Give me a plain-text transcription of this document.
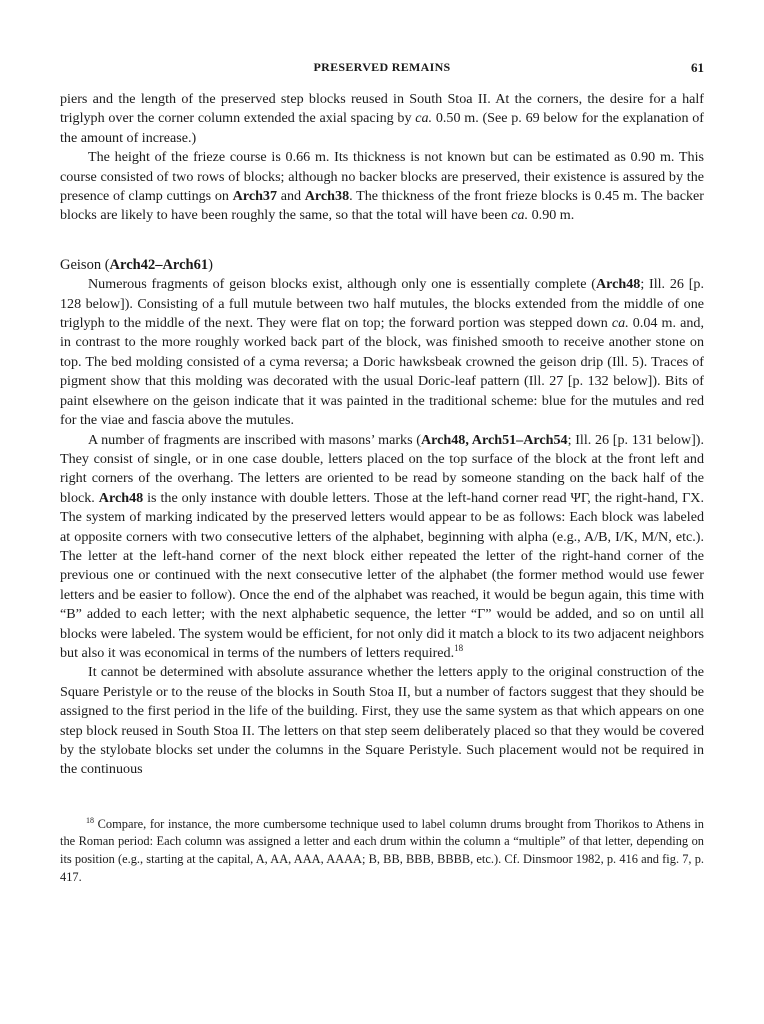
PRESERVED REMAINS	61

piers and the length of the preserved step blocks reused in South Stoa II. At the corners, the desire for a half triglyph over the corner column extended the axial spacing by ca. 0.50 m. (See p. 69 below for the explanation of the amount of increase.)

The height of the frieze course is 0.66 m. Its thickness is not known but can be estimated as 0.90 m. This course consisted of two rows of blocks; although no backer blocks are preserved, their existence is assured by the presence of clamp cuttings on Arch37 and Arch38. The thickness of the front frieze blocks is 0.45 m. The backer blocks are likely to have been roughly the same, so that the total will have been ca. 0.90 m.

Geison (Arch42–Arch61)

Numerous fragments of geison blocks exist, although only one is essentially complete (Arch48; Ill. 26 [p. 128 below]). Consisting of a full mutule between two half mutules, the blocks extended from the middle of one triglyph to the middle of the next. They were flat on top; the forward portion was stepped down ca. 0.04 m. and, in contrast to the more roughly worked back part of the block, was finished smooth to receive another stone on top. The bed molding consisted of a cyma reversa; a Doric hawksbeak crowned the geison drip (Ill. 5). Traces of pigment show that this molding was decorated with the usual Doric-leaf pattern (Ill. 27 [p. 132 below]). Bits of paint elsewhere on the geison indicate that it was painted in the traditional scheme: blue for the mutules and red for the viae and fascia above the mutules.

A number of fragments are inscribed with masons’ marks (Arch48, Arch51–Arch54; Ill. 26 [p. 131 below]). They consist of single, or in one case double, letters placed on the top surface of the block at the front left and right corners of the overhang. The letters are oriented to be read by someone standing on the back half of the block. Arch48 is the only instance with double letters. Those at the left-hand corner read ΨΓ, the right-hand, ΓX. The system of marking indicated by the preserved letters would appear to be as follows: Each block was labeled at opposite corners with two consecutive letters of the alphabet, beginning with alpha (e.g., A/B, I/K, M/N, etc.). The letter at the left-hand corner of the next block either repeated the letter of the right-hand corner of the previous one or continued with the next consecutive letter of the alphabet (the former method would use fewer letters and be easier to follow). Once the end of the alphabet was reached, it would be begun again, this time with “B” added to each letter; with the next alphabetic sequence, the letter “Γ” would be added, and so on until all blocks were labeled. The system would be efficient, for not only did it match a block to its two adjacent neighbors but also it was economical in terms of the numbers of letters required.$^{18}$

It cannot be determined with absolute assurance whether the letters apply to the original construction of the Square Peristyle or to the reuse of the blocks in South Stoa II, but a number of factors suggest that they should be assigned to the first period in the life of the building. First, they use the same system as that which appears on one step block reused in South Stoa II. The letters on that step seem deliberately placed so that they would be covered by the stylobate blocks set under the columns in the Square Peristyle. Such placement would not be required in the continuous

$^{18}$ Compare, for instance, the more cumbersome technique used to label column drums brought from Thorikos to Athens in the Roman period: Each column was assigned a letter and each drum within the column a “multiple” of that letter, depending on its position (e.g., starting at the capital, A, AA, AAA, AAAA; B, BB, BBB, BBBB, etc.). Cf. Dinsmoor 1982, p. 416 and fig. 7, p. 417.
